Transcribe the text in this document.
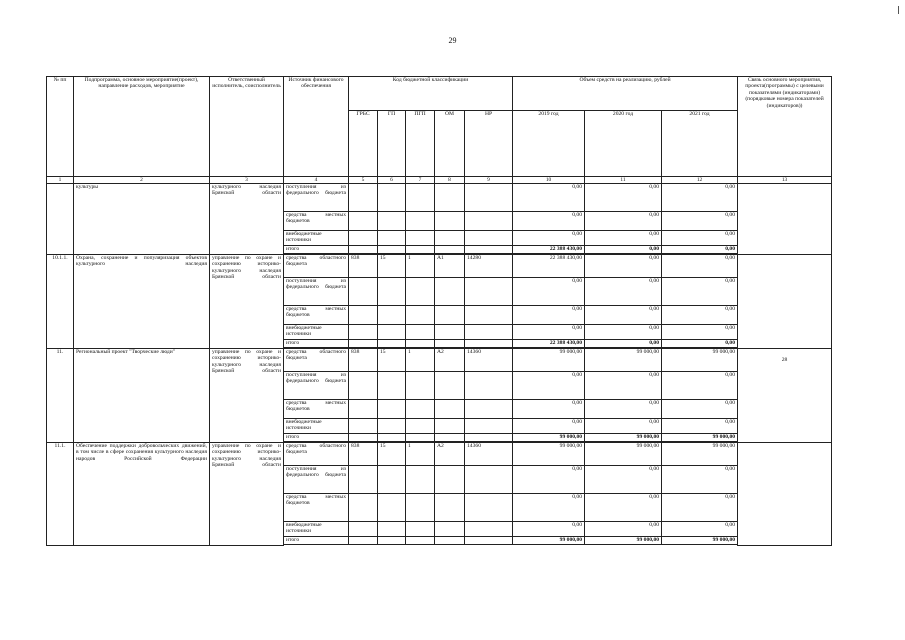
29
№ пп	Подпрограмма, основное мероприятие(проект), направление расходов, мероприятие	Ответственный исполнитель, соисполнитель	Источник финансового обеспечения	Код бюджетной классификации					Объем средств на реализацию, рублей			Связь основного мероприятия, проекта(программы) с целевыми показателями (индикаторами) (порядковые номера показателей (индикаторов))
				ГРБС	ГП	ПГП	ОМ	НР	2019 год	2020 год	2021 год	
1	2	3	4	5	6	7	8	9	10	11	12	13
	культуры	культурного наследия Брянской области	поступления из федерального бюджета						0,00	0,00	0,00	
			средства местных бюджетов						0,00	0,00	0,00	
			внебюджетные источники						0,00	0,00	0,00	
			итого						22 388 430,00	0,00	0,00	

10.1.1.	Охрана, сохранение и популяризация объектов культурного наследия	управление по охране и сохранению историко-культурного наследия Брянской области	средства областного бюджета	838	15	1	А1	14280	22 388 430,00	0,00	0,00	
			поступления из федерального бюджета						0,00	0,00	0,00	
			средства местных бюджетов						0,00	0,00	0,00	
			внебюджетные источники						0,00	0,00	0,00	
			итого						22 388 430,00	0,00	0,00	

11.	Региональный проект "Творческие люди"	управление по охране и сохранению историко-культурного наследия Брянской области	средства областного бюджета	838	15	1	А2	14360	99 000,00	99 000,00	99 000,00	28
			поступления из федерального бюджета						0,00	0,00	0,00	
			средства местных бюджетов						0,00	0,00	0,00	
			внебюджетные источники						0,00	0,00	0,00	
			итого						99 000,00	99 000,00	99 000,00	

11.1.	Обеспечение поддержки добровольческих движений, в том числе в сфере сохранения культурного наследия народов Российской Федерации	управление по охране и сохранению историко-культурного наследия Брянской области	средства областного бюджета	838	15	1	А2	14360	99 000,00	99 000,00	99 000,00	
			поступления из федерального бюджета						0,00	0,00	0,00	
			средства местных бюджетов						0,00	0,00	0,00	
			внебюджетные источники						0,00	0,00	0,00	
			итого						99 000,00	99 000,00	99 000,00	
